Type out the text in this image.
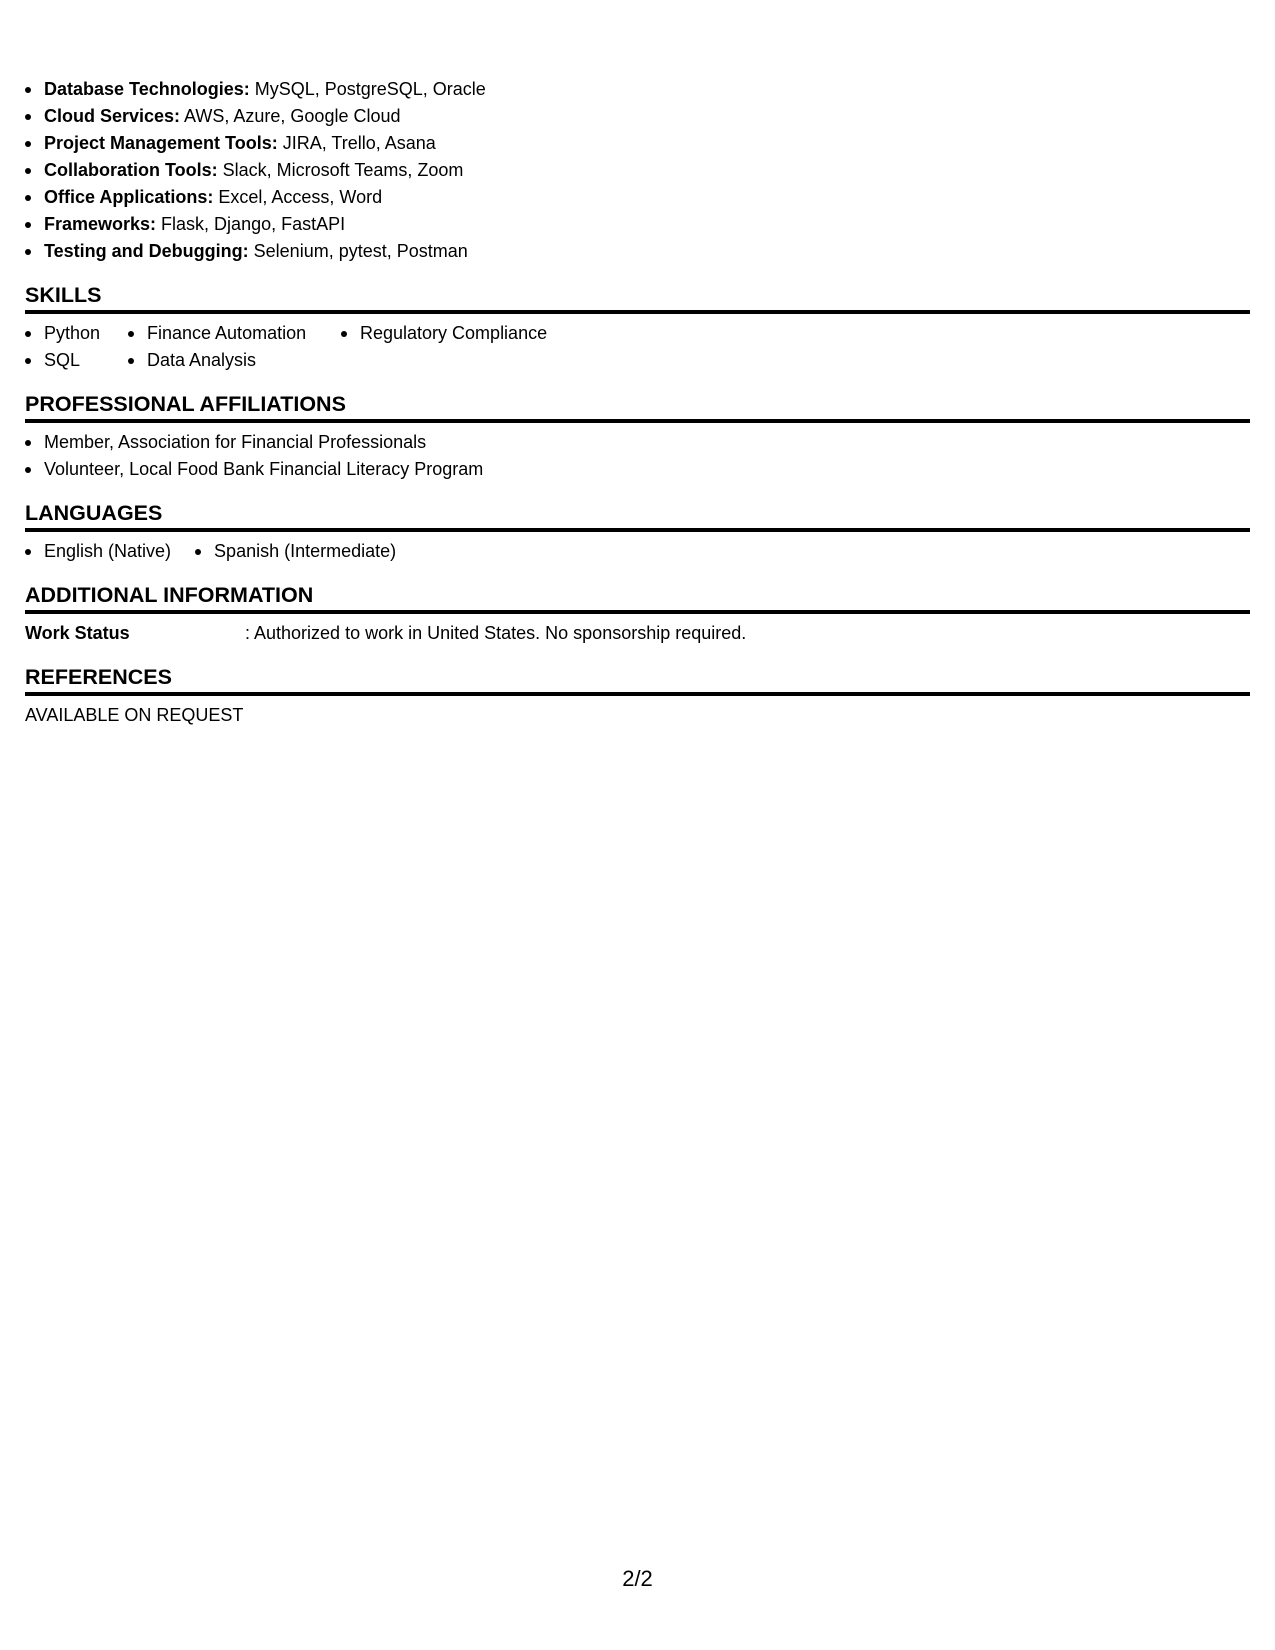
Database Technologies: MySQL, PostgreSQL, Oracle
Cloud Services: AWS, Azure, Google Cloud
Project Management Tools: JIRA, Trello, Asana
Collaboration Tools: Slack, Microsoft Teams, Zoom
Office Applications: Excel, Access, Word
Frameworks: Flask, Django, FastAPI
Testing and Debugging: Selenium, pytest, Postman
SKILLS
Python
SQL
Finance Automation
Data Analysis
Regulatory Compliance
PROFESSIONAL AFFILIATIONS
Member, Association for Financial Professionals
Volunteer, Local Food Bank Financial Literacy Program
LANGUAGES
English (Native)	Spanish (Intermediate)
ADDITIONAL INFORMATION
Work Status	: Authorized to work in United States. No sponsorship required.
REFERENCES
AVAILABLE ON REQUEST
2/2
